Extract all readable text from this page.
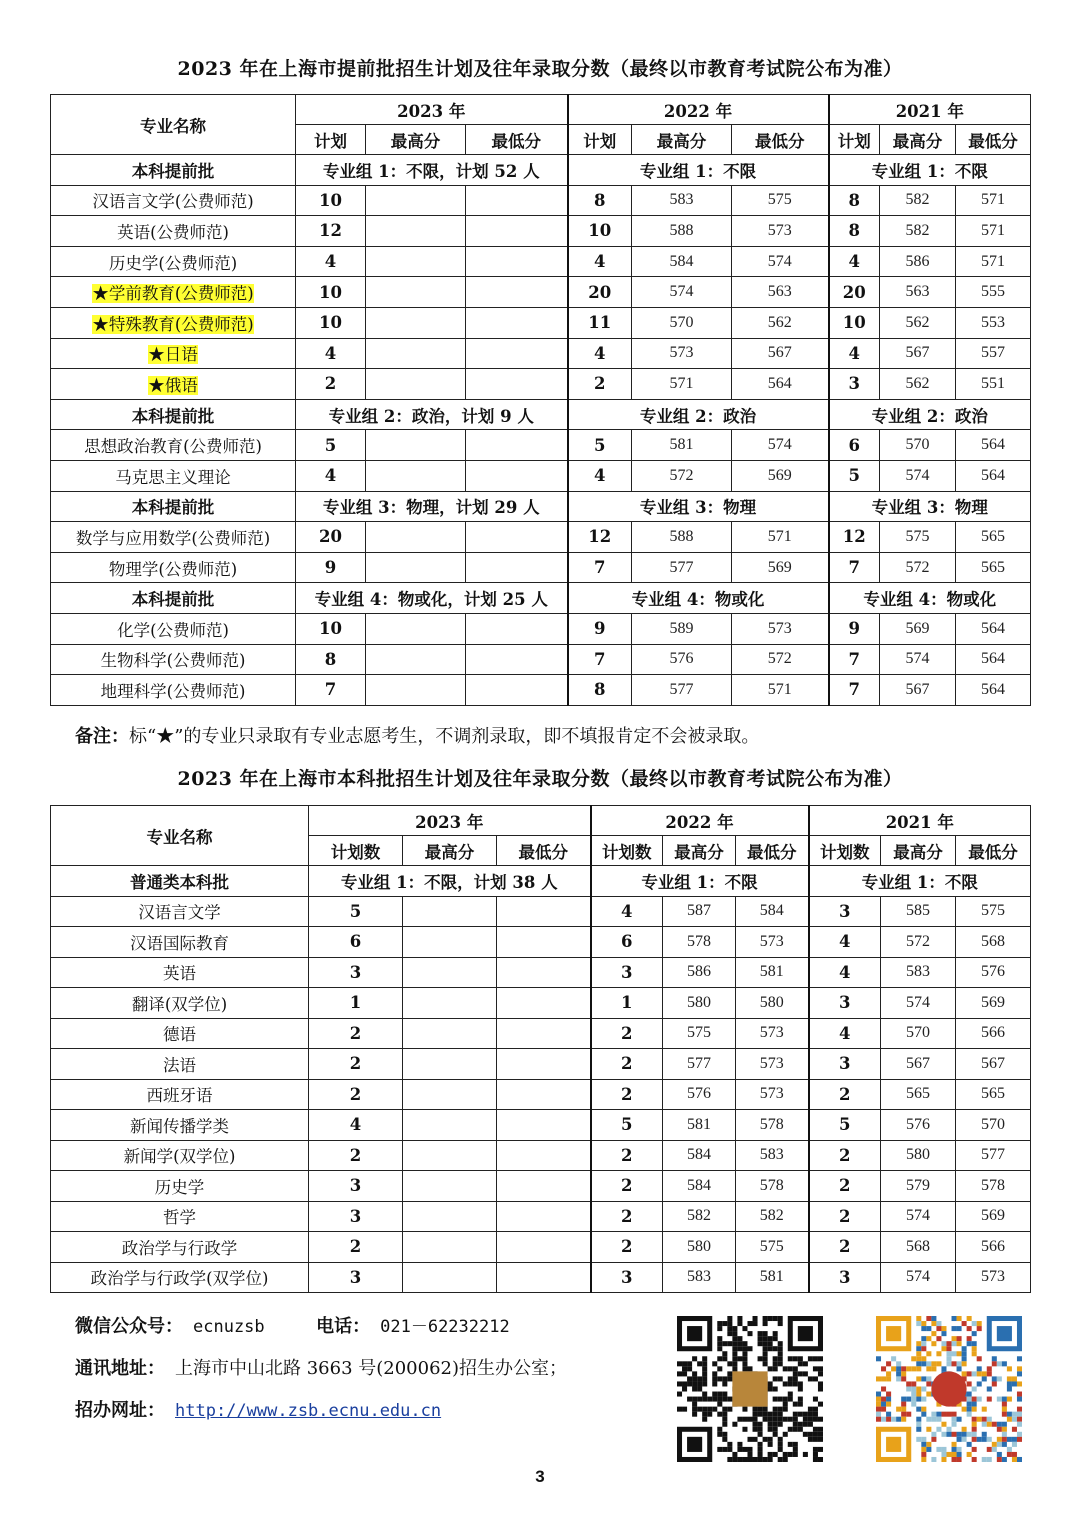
2023 年在上海市提前批招生计划及往年录取分数（最终以市教育考试院公布为准）
专业名称	2023 年			2022 年			2021 年		
	计划	最高分	最低分	计划	最高分	最低分	计划	最高分	最低分
本科提前批	专业组 1：不限，计划 52 人			专业组 1：不限			专业组 1：不限		
汉语言文学(公费师范)	10			8	583	575	8	582	571
英语(公费师范)	12			10	588	573	8	582	571
历史学(公费师范)	4			4	584	574	4	586	571
★学前教育(公费师范)	10			20	574	563	20	563	555
★特殊教育(公费师范)	10			11	570	562	10	562	553
★日语	4			4	573	567	4	567	557
★俄语	2			2	571	564	3	562	551
本科提前批	专业组 2：政治，计划 9 人			专业组 2：政治			专业组 2：政治		
思想政治教育(公费师范)	5			5	581	574	6	570	564
马克思主义理论	4			4	572	569	5	574	564
本科提前批	专业组 3：物理，计划 29 人			专业组 3：物理			专业组 3：物理		
数学与应用数学(公费师范)	20			12	588	571	12	575	565
物理学(公费师范)	9			7	577	569	7	572	565
本科提前批	专业组 4：物或化，计划 25 人			专业组 4：物或化			专业组 4：物或化		
化学(公费师范)	10			9	589	573	9	569	564
生物科学(公费师范)	8			7	576	572	7	574	564
地理科学(公费师范)	7			8	577	571	7	567	564
备注：标“★”的专业只录取有专业志愿考生，不调剂录取，即不填报肯定不会被录取。
2023 年在上海市本科批招生计划及往年录取分数（最终以市教育考试院公布为准）
专业名称	2023 年			2022 年			2021 年		
	计划数	最高分	最低分	计划数	最高分	最低分	计划数	最高分	最低分
普通类本科批	专业组 1：不限，计划 38 人			专业组 1：不限			专业组 1：不限		
汉语言文学	5			4	587	584	3	585	575
汉语国际教育	6			6	578	573	4	572	568
英语	3			3	586	581	4	583	576
翻译(双学位)	1			1	580	580	3	574	569
德语	2			2	575	573	4	570	566
法语	2			2	577	573	3	567	567
西班牙语	2			2	576	573	2	565	565
新闻传播学类	4			5	581	578	5	576	570
新闻学(双学位)	2			2	584	583	2	580	577
历史学	3			2	584	578	2	579	578
哲学	3			2	582	582	2	574	569
政治学与行政学	2			2	580	575	2	568	566
政治学与行政学(双学位)	3			3	583	581	3	574	573
微信公众号： ecnuzsb	电话： 021－62232212
通讯地址： 上海市中山北路 3663 号(200062)招生办公室；
招办网址： http://www.zsb.ecnu.edu.cn
3
